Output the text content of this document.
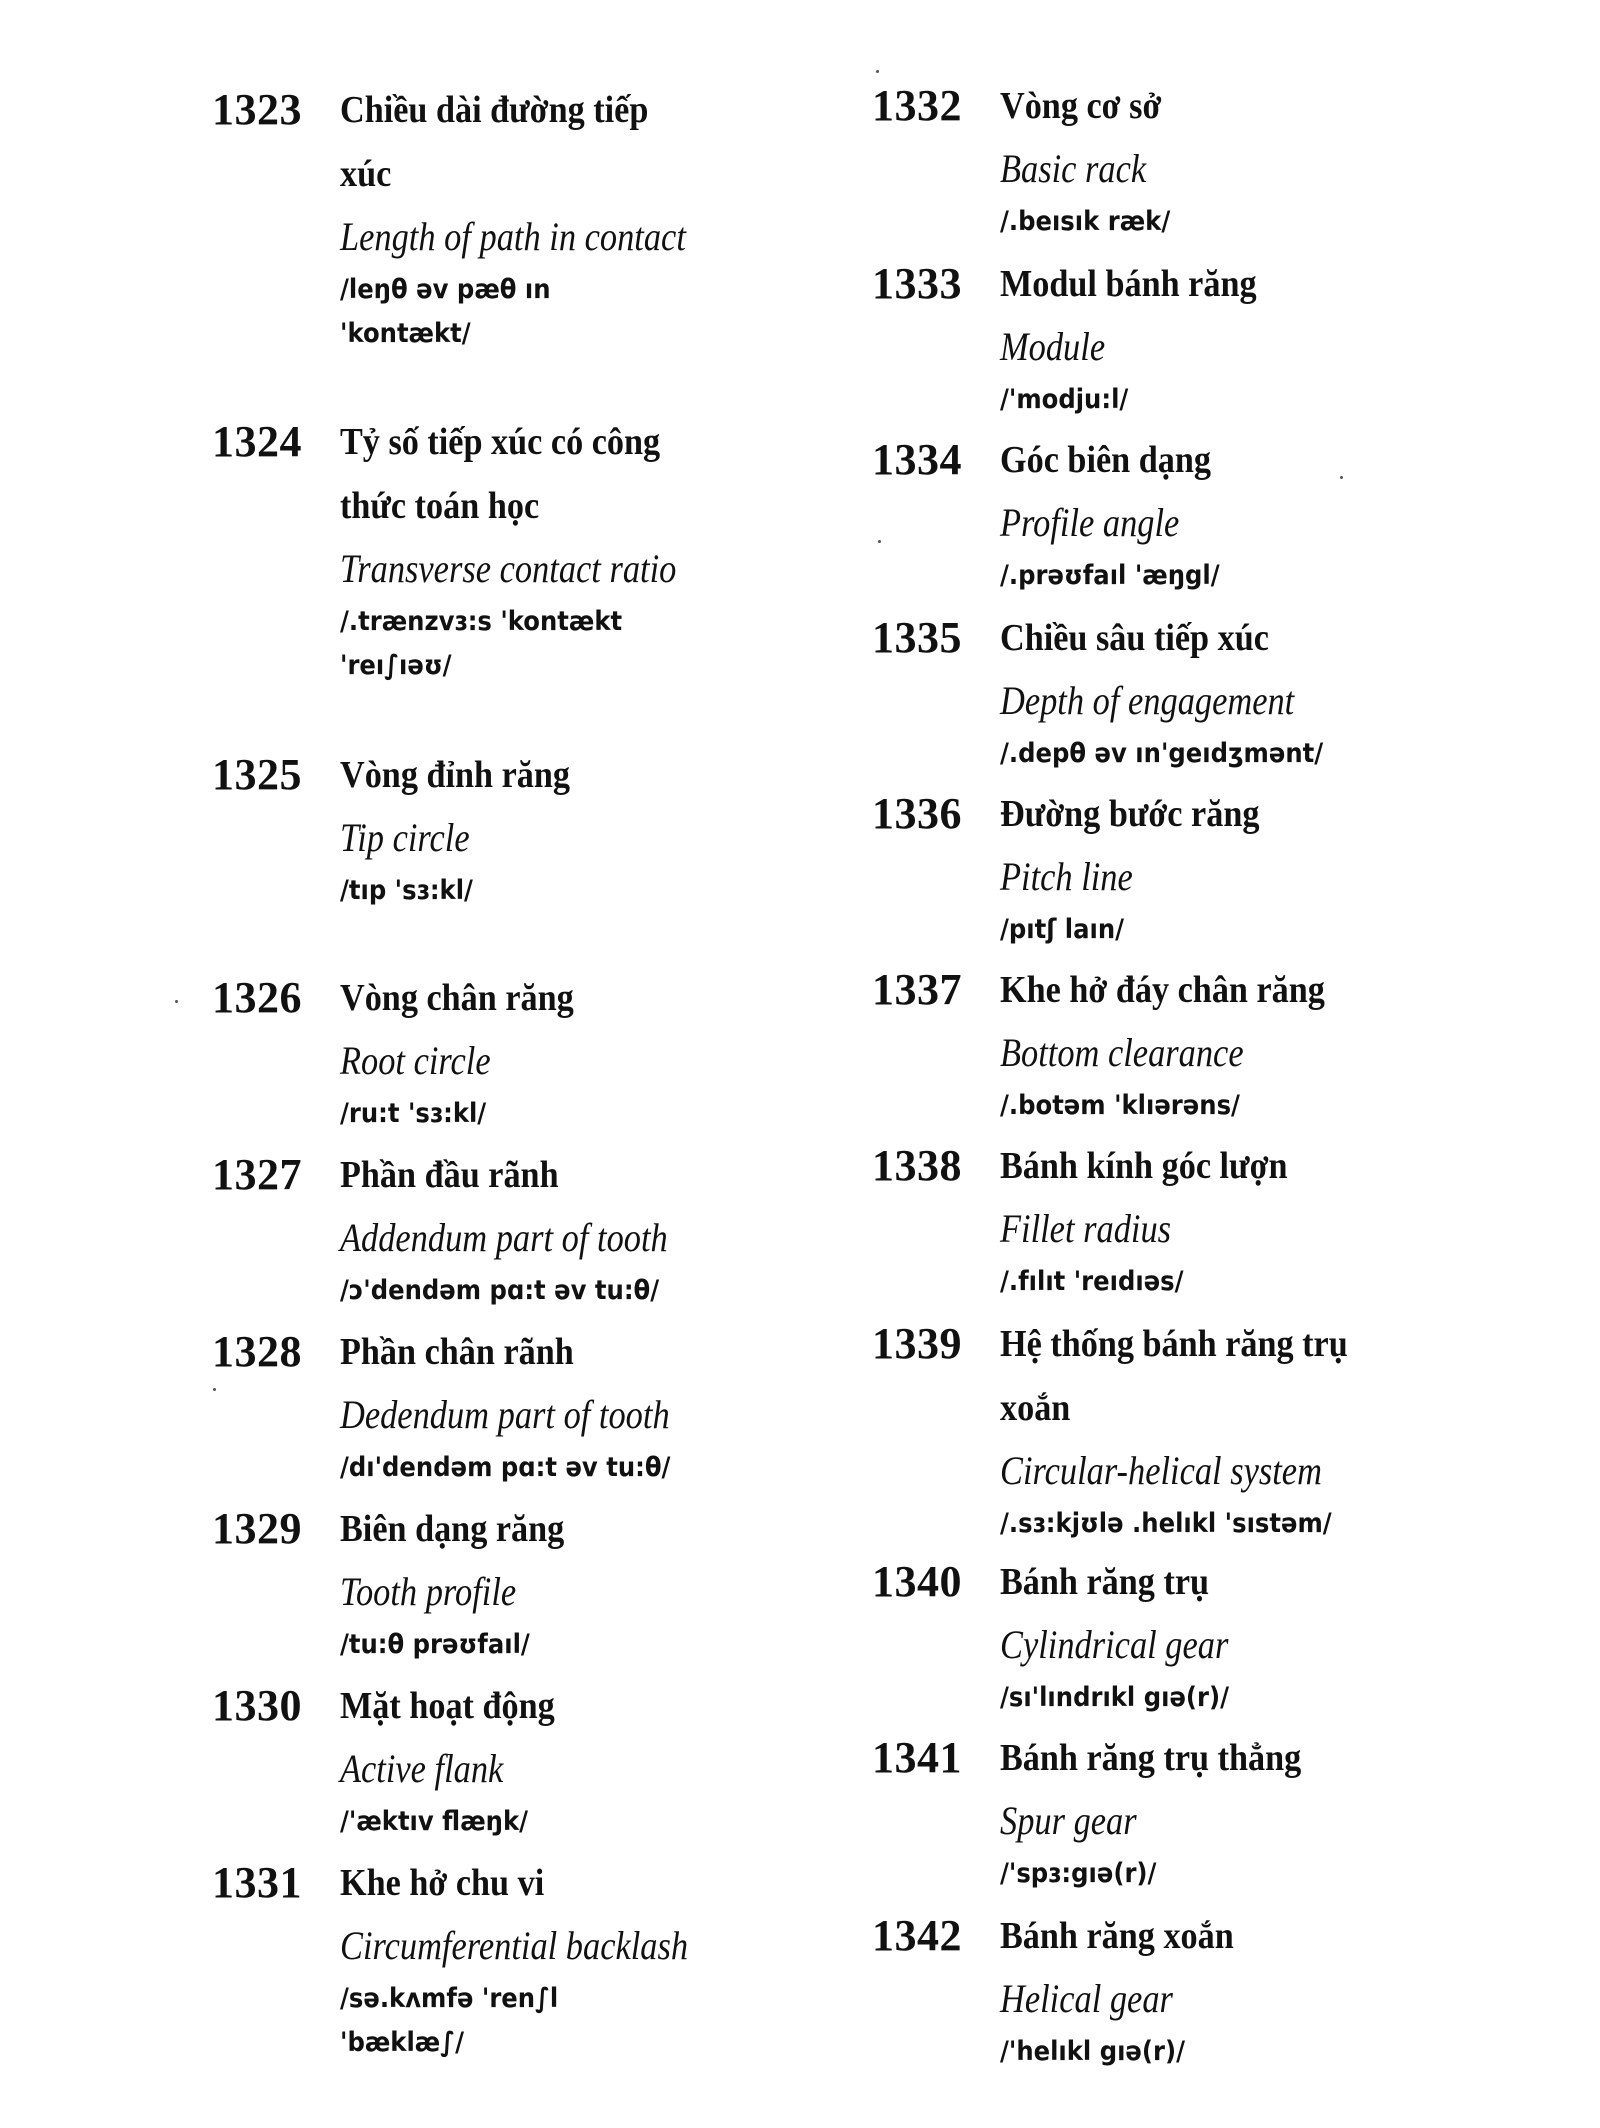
1323 Chiều dài đường tiếp
xúc
Length of path in contact
/leŋθ əv pæθ ın
'kontækt/
1324 Tỷ số tiếp xúc có công
thức toán học
Transverse contact ratio
/.trænzvɜ:s 'kontækt
'reı∫ıəʊ/
1325 Vòng đỉnh răng
Tip circle
/tıp 'sɜ:kl/
1326 Vòng chân răng
Root circle
/ru:t 'sɜ:kl/
1327 Phần đầu rãnh
Addendum part of tooth
/ɔ'dendəm pɑ:t əv tu:θ/
1328 Phần chân rãnh
Dedendum part of tooth
/dı'dendəm pɑ:t əv tu:θ/
1329 Biên dạng răng
Tooth profile
/tu:θ prəʊfaıl/
1330 Mặt hoạt động
Active flank
/'æktıv flæŋk/
1331 Khe hở chu vi
Circumferential backlash
/sə.kʌmfə 'ren∫l
'bæklæ∫/
1332 Vòng cơ sở
Basic rack
/.beısık ræk/
1333 Modul bánh răng
Module
/'modju:l/
1334 Góc biên dạng
Profile angle
/.prəʊfaıl 'æŋgl/
1335 Chiều sâu tiếp xúc
Depth of engagement
/.depθ əv ın'geıdʒmənt/
1336 Đường bước răng
Pitch line
/pıtʃ laın/
1337 Khe hở đáy chân răng
Bottom clearance
/.botəm 'klıərəns/
1338 Bánh kính góc lượn
Fillet radius
/.fılıt 'reıdıəs/
1339 Hệ thống bánh răng trụ
xoắn
Circular-helical system
/.sɜ:kjʊlə .helıkl 'sıstəm/
1340 Bánh răng trụ
Cylindrical gear
/sı'lındrıkl gıə(r)/
1341 Bánh răng trụ thẳng
Spur gear
/'spɜ:gıə(r)/
1342 Bánh răng xoắn
Helical gear
/'helıkl gıə(r)/
